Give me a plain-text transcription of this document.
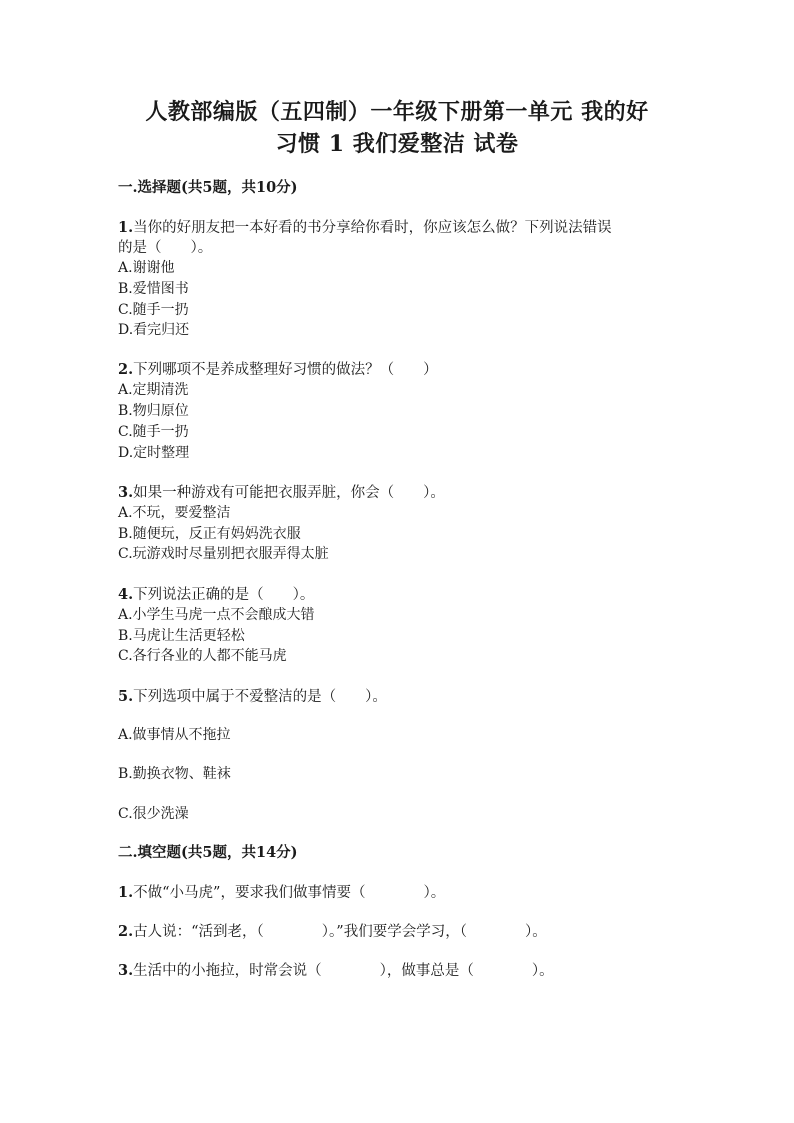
人教部编版（五四制）一年级下册第一单元 我的好
习惯 1 我们爱整洁 试卷
一.选择题(共5题，共10分)
1.当你的好朋友把一本好看的书分享给你看时，你应该怎么做？下列说法错误
的是（　　）。
A.谢谢他
B.爱惜图书
C.随手一扔
D.看完归还
2.下列哪项不是养成整理好习惯的做法？（　　）
A.定期清洗
B.物归原位
C.随手一扔
D.定时整理
3.如果一种游戏有可能把衣服弄脏，你会（　　）。
A.不玩，要爱整洁
B.随便玩，反正有妈妈洗衣服
C.玩游戏时尽量别把衣服弄得太脏
4.下列说法正确的是（　　）。
A.小学生马虎一点不会酿成大错
B.马虎让生活更轻松
C.各行各业的人都不能马虎
5.下列选项中属于不爱整洁的是（　　）。
A.做事情从不拖拉
B.勤换衣物、鞋袜
C.很少洗澡
二.填空题(共5题，共14分)
1.不做“小马虎”，要求我们做事情要（　　　　）。
2.古人说：“活到老，（　　　　）。”我们要学会学习，（　　　　）。
3.生活中的小拖拉，时常会说（　　　　），做事总是（　　　　）。
